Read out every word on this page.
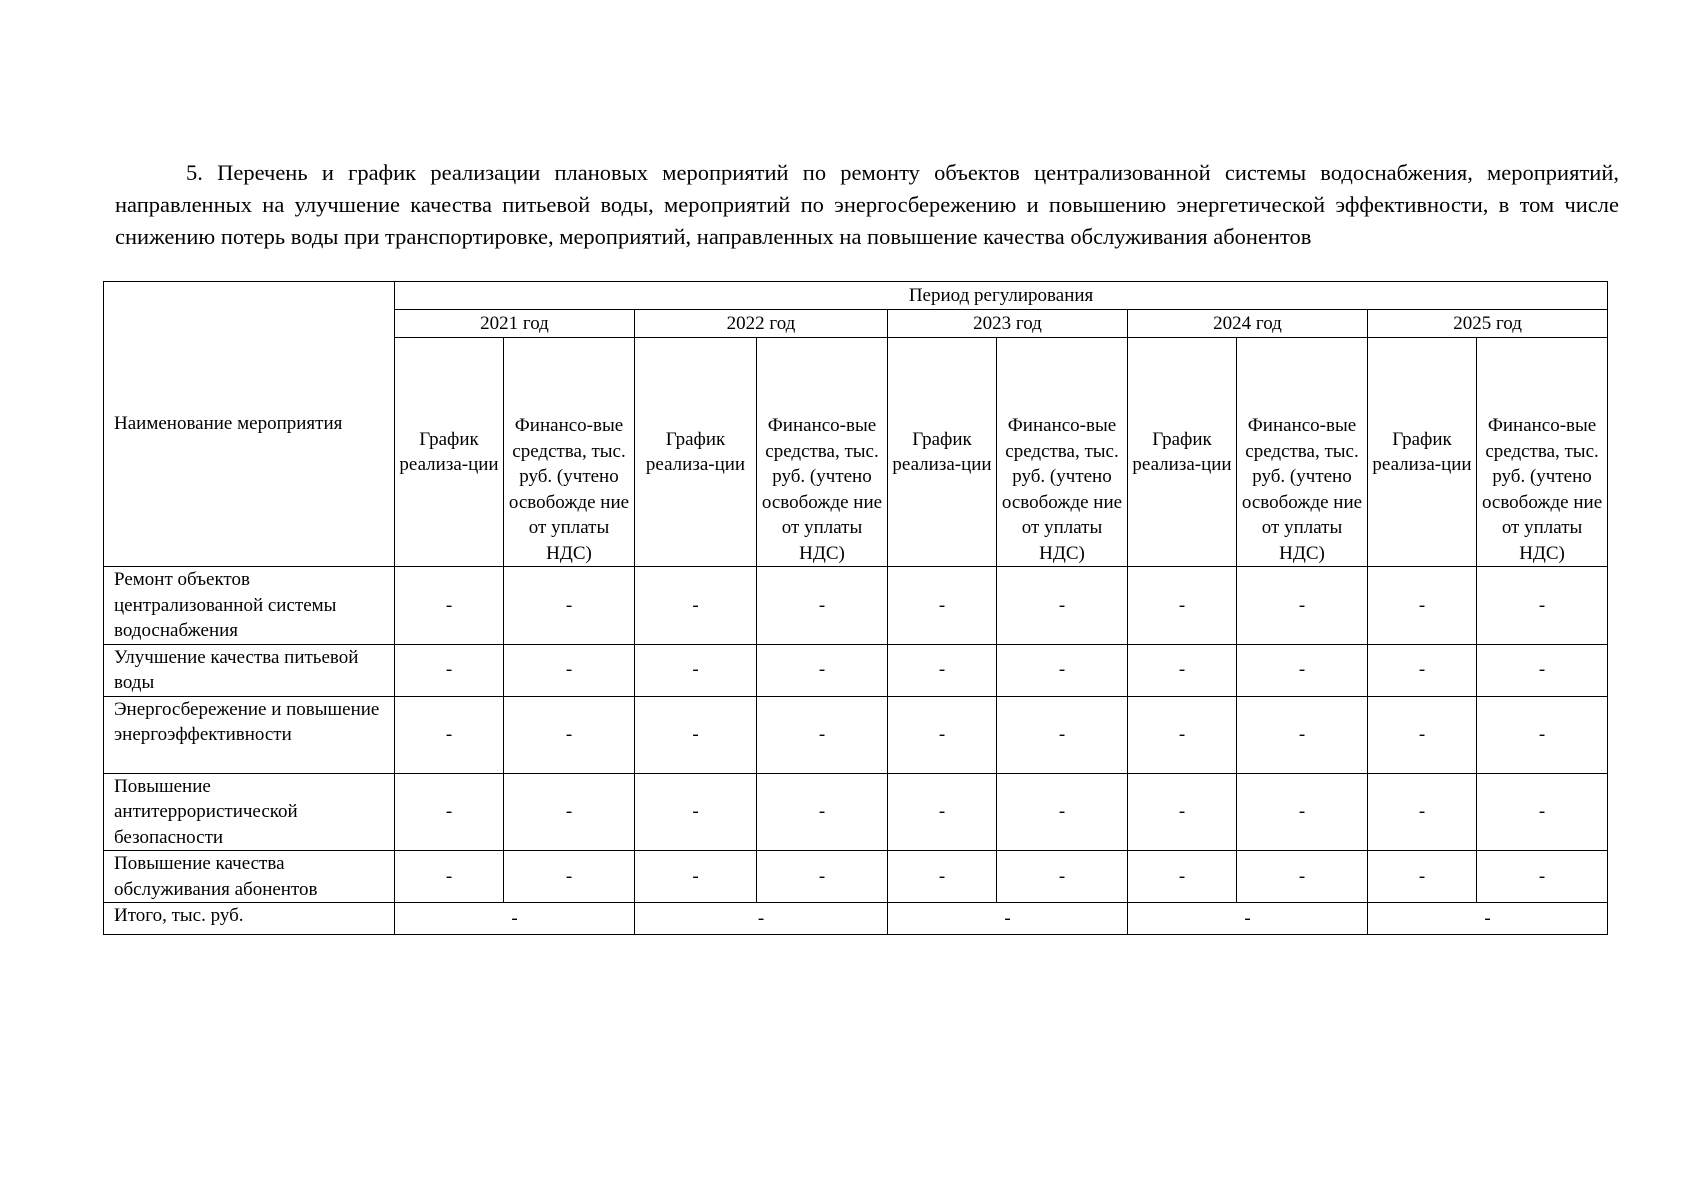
5. Перечень и график реализации плановых мероприятий по ремонту объектов централизованной системы водоснабжения, мероприятий, направленных на улучшение качества питьевой воды, мероприятий по энергосбережению и повышению энергетической эффективности, в том числе снижению потерь воды при транспортировке, мероприятий, направленных на повышение качества обслуживания абонентов

Наименование мероприятия	Период регулирования									
	2021 год		2022 год		2023 год		2024 год		2025 год	
	График реализа-ции	Финансо-вые средства, тыс. руб. (учтено освобожде ние от уплаты НДС)	График реализа-ции	Финансо-вые средства, тыс. руб. (учтено освобожде ние от уплаты НДС)	График реализа-ции	Финансо-вые средства, тыс. руб. (учтено освобожде ние от уплаты НДС)	График реализа-ции	Финансо-вые средства, тыс. руб. (учтено освобожде ние от уплаты НДС)	График реализа-ции	Финансо-вые средства, тыс. руб. (учтено освобожде ние от уплаты НДС)
Ремонт объектов централизованной системы водоснабжения	-	-	-	-	-	-	-	-	-	-
Улучшение качества питьевой воды	-	-	-	-	-	-	-	-	-	-
Энергосбережение и повышение энергоэффективности	-	-	-	-	-	-	-	-	-	-
Повышение антитеррористической безопасности	-	-	-	-	-	-	-	-	-	-
Повышение качества обслуживания абонентов	-	-	-	-	-	-	-	-	-	-
Итого, тыс. руб.	-		-		-		-		-	
